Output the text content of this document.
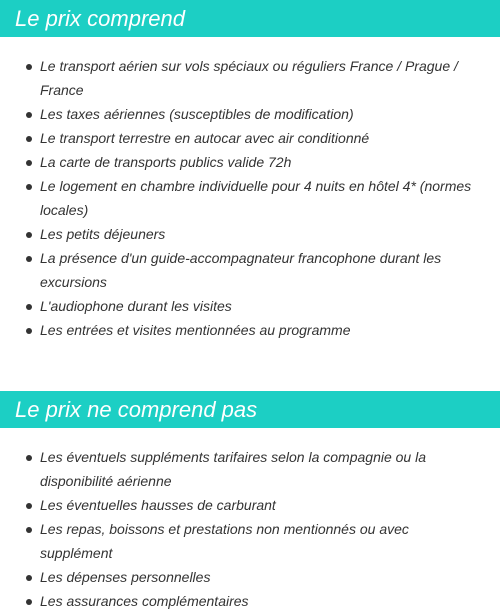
Le prix comprend
Le transport aérien sur vols spéciaux ou réguliers France / Prague / France
Les taxes aériennes (susceptibles de modification)
Le transport terrestre en autocar avec air conditionné
La carte de transports publics valide 72h
Le logement en chambre individuelle pour 4 nuits en hôtel 4* (normes locales)
Les petits déjeuners
La présence d'un guide-accompagnateur francophone durant les excursions
L'audiophone durant les visites
Les entrées et visites mentionnées au programme
Le prix ne comprend pas
Les éventuels suppléments tarifaires selon la compagnie ou la disponibilité aérienne
Les éventuelles hausses de carburant
Les repas, boissons et prestations non mentionnés ou avec supplément
Les dépenses personnelles
Les assurances complémentaires
